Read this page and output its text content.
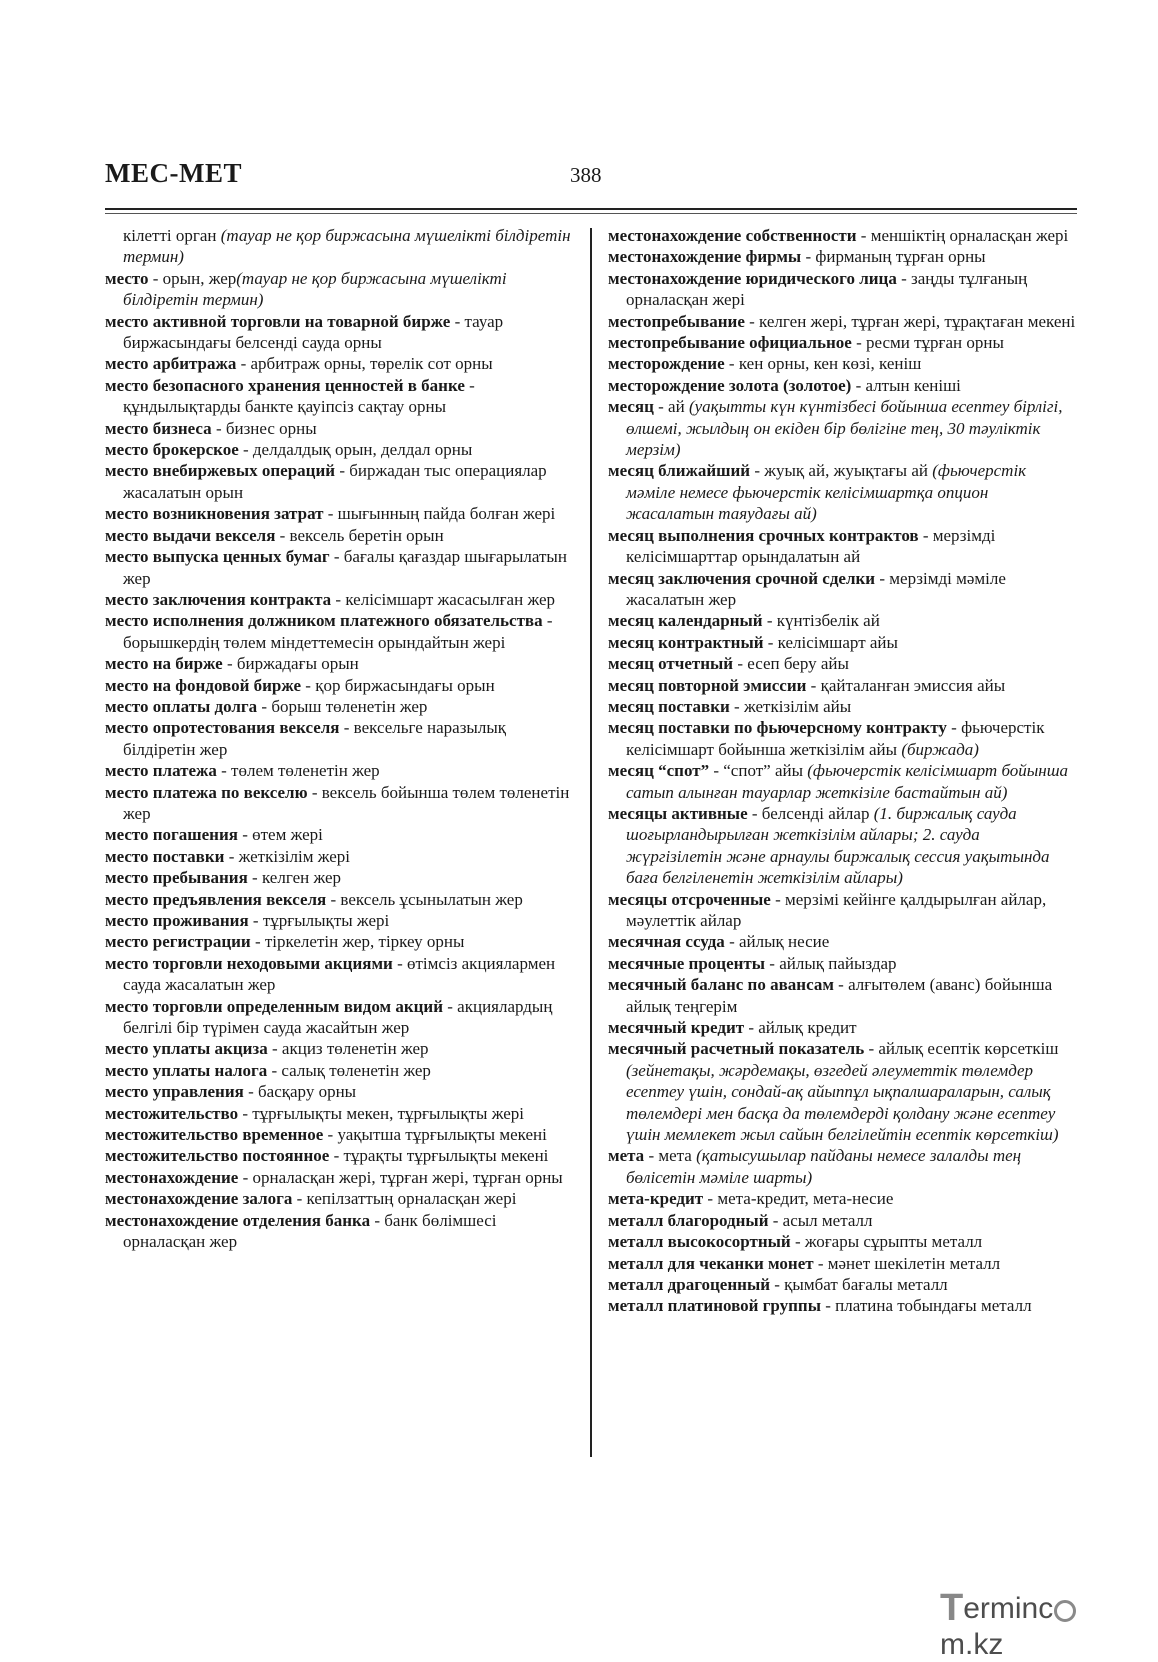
МЕС-МЕТ	388
кілетті орган (тауар не қор биржасына мүшелікті білдіретін термин)
место - орын, жер(тауар не қор биржасына мүшелікті білдіретін термин)
место активной торговли на товарной бирже - тауар биржасындағы белсенді сауда орны
место арбитража - арбитраж орны, төрелік сот орны
место безопасного хранения ценностей в банке - құндылықтарды банкте қауіпсіз сақтау орны
место бизнеса - бизнес орны
место брокерское - делдалдық орын, делдал орны
место внебиржевых операций - биржадан тыс операциялар жасалатын орын
место возникновения затрат - шығынның пайда болған жері
место выдачи векселя - вексель беретін орын
место выпуска ценных бумаг - бағалы қағаздар шығарылатын жер
место заключения контракта - келісімшарт жасасылған жер
место исполнения должником платежного обязательства - борышкердің төлем міндеттемесін орындайтын жері
место на бирже - биржадағы орын
место на фондовой бирже - қор биржасындағы орын
место оплаты долга - борыш төленетін жер
место опротестования векселя - вексельге наразылық білдіретін жер
место платежа - төлем төленетін жер
место платежа по векселю - вексель бойынша төлем төленетін жер
место погашения - өтем жері
место поставки - жеткізілім жері
место пребывания - келген жер
место предъявления векселя - вексель ұсынылатын жер
место проживания - тұрғылықты жері
место регистрации - тіркелетін жер, тіркеу орны
место торговли неходовыми акциями - өтімсіз акциялармен сауда жасалатын жер
место торговли определенным видом акций - акциялардың белгілі бір түрімен сауда жасайтын жер
место уплаты акциза - акциз төленетін жер
место уплаты налога - салық төленетін жер
место управления - басқару орны
местожительство - тұрғылықты мекен, тұрғылықты жері
местожительство временное - уақытша тұрғылықты мекені
местожительство постоянное - тұрақты тұрғылықты мекені
местонахождение - орналасқан жері, тұрған жері, тұрған орны
местонахождение залога - кепілзаттың орналасқан жері
местонахождение отделения банка - банк бөлімшесі орналасқан жер
местонахождение собственности - меншіктің орналасқан жері
местонахождение фирмы - фирманың тұрған орны
местонахождение юридического лица - заңды тұлғаның орналасқан жері
местопребывание - келген жері, тұрған жері, тұрақтаған мекені
местопребывание официальное - ресми тұрған орны
месторождение - кен орны, кен көзі, кеніш
месторождение золота (золотое) - алтын кеніші
месяц - ай (уақытты күн күнтізбесі бойынша есептеу бірлігі, өлшемі, жылдың он екіден бір бөлігіне тең, 30 тәуліктік мерзім)
месяц ближайший - жуық ай, жуықтағы ай (фьючерстік мәміле немесе фьючерстік келісімшартқа опцион жасалатын таяудағы ай)
месяц выполнения срочных контрактов - мерзімді келісімшарттар орындалатын ай
месяц заключения срочной сделки - мерзімді мәміле жасалатын жер
месяц календарный - күнтізбелік ай
месяц контрактный - келісімшарт айы
месяц отчетный - есеп беру айы
месяц повторной эмиссии - қайталанған эмиссия айы
месяц поставки - жеткізілім айы
месяц поставки по фьючерсному контракту - фьючерстік келісімшарт бойынша жеткізілім айы (биржада)
месяц “спот” - “спот” айы (фьючерстік келісімшарт бойынша сатып алынған тауарлар жеткізіле бастайтын ай)
месяцы активные - белсенді айлар (1. биржалық сауда шоғырландырылған жеткізілім айлары; 2. сауда жүргізілетін және арнаулы биржалық сессия уақытында баға белгіленетін жеткізілім айлары)
месяцы отсроченные - мерзімі кейінге қалдырылған айлар, мәулеттік айлар
месячная ссуда - айлық несие
месячные проценты - айлық пайыздар
месячный баланс по авансам - алғытөлем (аванс) бойынша айлық теңгерім
месячный кредит - айлық кредит
месячный расчетный показатель - айлық есептік көрсеткіш (зейнетақы, жәрдемақы, өзгедей әлеуметтік төлемдер есептеу үшін, сондай-ақ айыппұл ықпалшараларын, салық төлемдері мен басқа да төлемдерді қолдану және есептеу үшін мемлекет жыл сайын белгілейтін есептік көрсеткіш)
мета - мета (қатысушылар пайданы немесе залалды тең бөлісетін мәміле шарты)
мета-кредит - мета-кредит, мета-несие
металл благородный - асыл металл
металл высокосортный - жоғары сұрыпты металл
металл для чеканки монет - мәнет шекілетін металл
металл драгоценный - қымбат бағалы металл
металл платиновой группы - платина тобындағы металл
Termincm.kz
